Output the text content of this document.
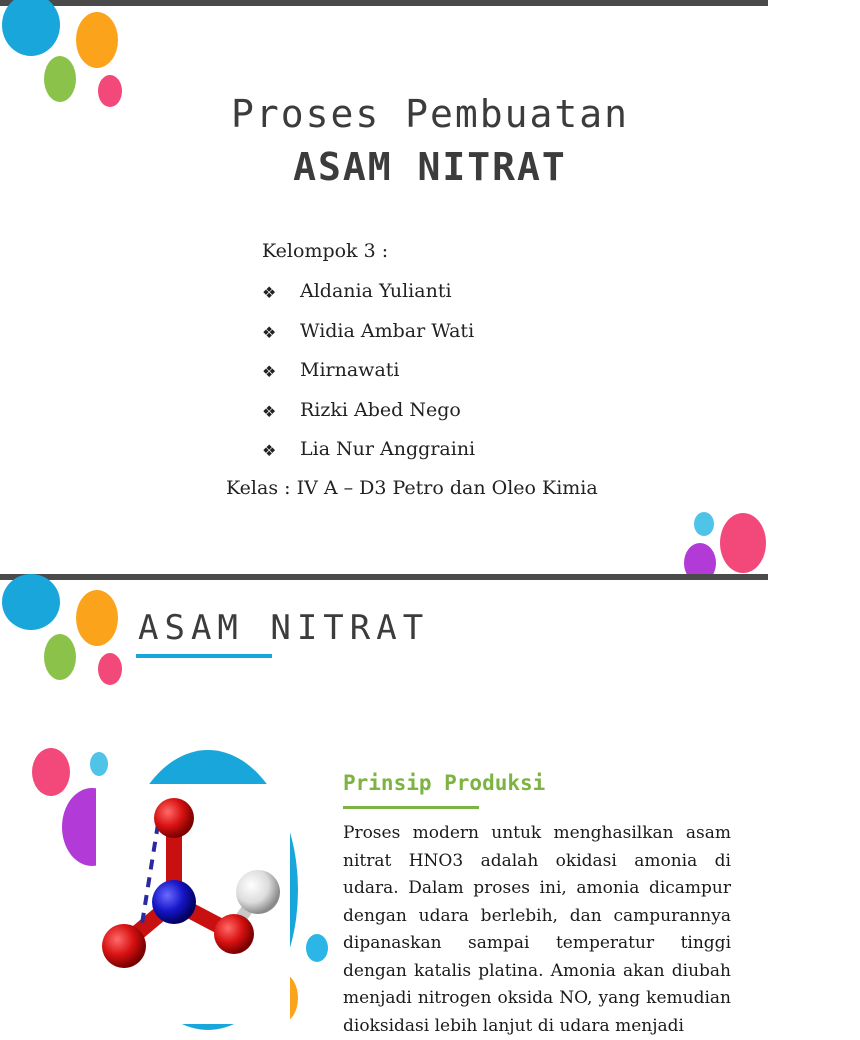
Proses Pembuatan
ASAM NITRAT
Kelompok 3 :
❖	Aldania Yulianti
❖	Widia Ambar Wati
❖	Mirnawati
❖	Rizki Abed Nego
❖	Lia Nur Anggraini
Kelas : IV A – D3 Petro dan Oleo Kimia
ASAM NITRAT
Prinsip Produksi

Proses modern untuk menghasilkan asam nitrat HNO3 adalah okidasi amonia di udara. Dalam proses ini, amonia dicampur dengan udara berlebih, dan campurannya dipanaskan sampai temperatur tinggi dengan katalis platina. Amonia akan diubah menjadi nitrogen oksida NO, yang kemudian dioksidasi lebih lanjut di udara menjadi
